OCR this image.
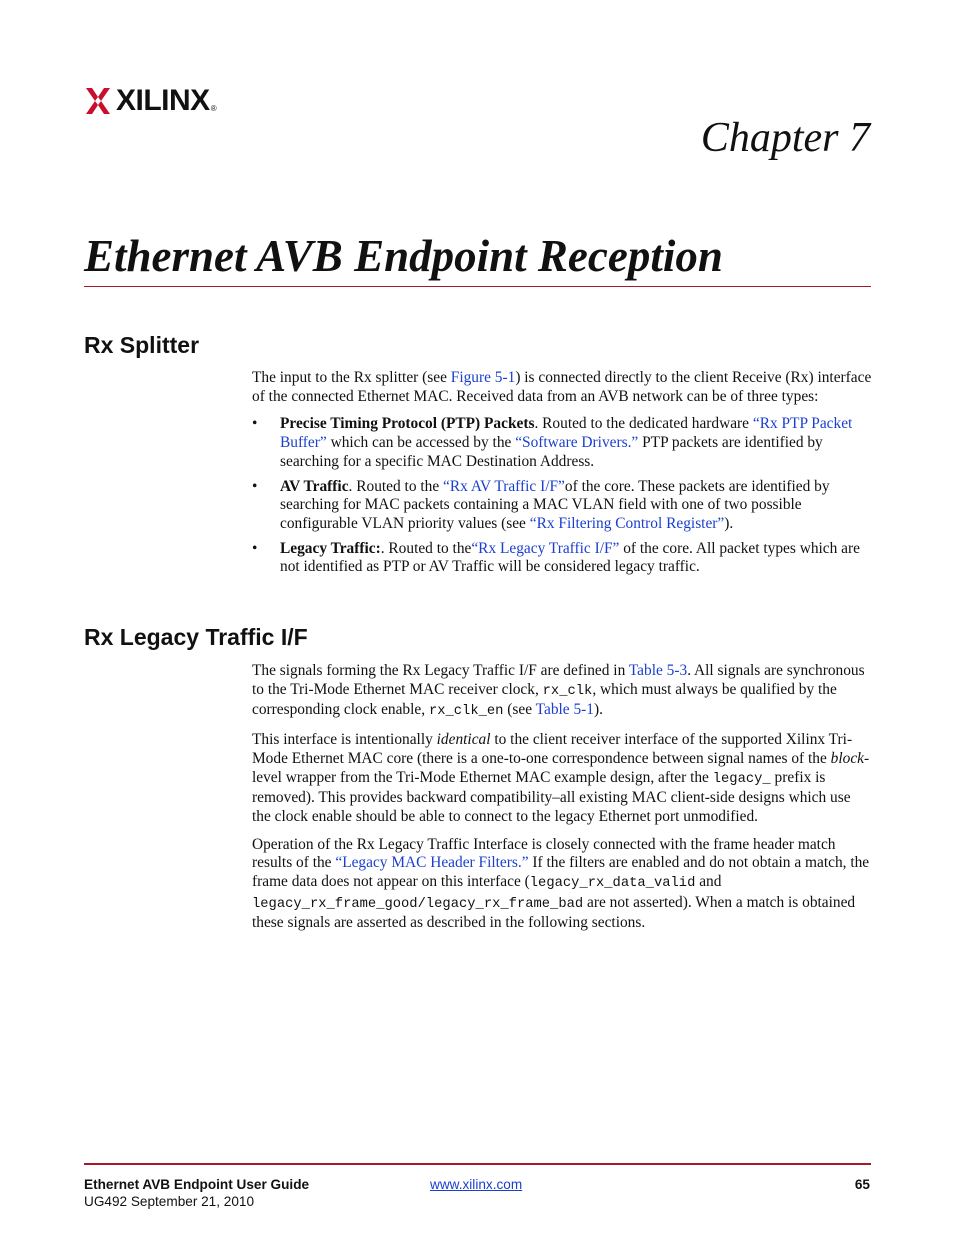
XILINX ®
Chapter 7
Ethernet AVB Endpoint Reception
Rx Splitter

The input to the Rx splitter (see Figure 5-1) is connected directly to the client Receive (Rx) interface of the connected Ethernet MAC. Received data from an AVB network can be of three types:

• Precise Timing Protocol (PTP) Packets. Routed to the dedicated hardware “Rx PTP Packet Buffer” which can be accessed by the “Software Drivers.” PTP packets are identified by searching for a specific MAC Destination Address.
• AV Traffic. Routed to the “Rx AV Traffic I/F”of the core. These packets are identified by searching for MAC packets containing a MAC VLAN field with one of two possible configurable VLAN priority values (see “Rx Filtering Control Register”).
• Legacy Traffic:. Routed to the“Rx Legacy Traffic I/F” of the core. All packet types which are not identified as PTP or AV Traffic will be considered legacy traffic.
Rx Legacy Traffic I/F

The signals forming the Rx Legacy Traffic I/F are defined in Table 5-3. All signals are synchronous to the Tri-Mode Ethernet MAC receiver clock, rx_clk, which must always be qualified by the corresponding clock enable, rx_clk_en (see Table 5-1).

This interface is intentionally identical to the client receiver interface of the supported Xilinx Tri-Mode Ethernet MAC core (there is a one-to-one correspondence between signal names of the block-level wrapper from the Tri-Mode Ethernet MAC example design, after the legacy_ prefix is removed). This provides backward compatibility–all existing MAC client-side designs which use the clock enable should be able to connect to the legacy Ethernet port unmodified.

Operation of the Rx Legacy Traffic Interface is closely connected with the frame header match results of the “Legacy MAC Header Filters.” If the filters are enabled and do not obtain a match, the frame data does not appear on this interface (legacy_rx_data_valid and legacy_rx_frame_good/legacy_rx_frame_bad are not asserted). When a match is obtained these signals are asserted as described in the following sections.

Ethernet AVB Endpoint User Guide
UG492 September 21, 2010
www.xilinx.com	65
